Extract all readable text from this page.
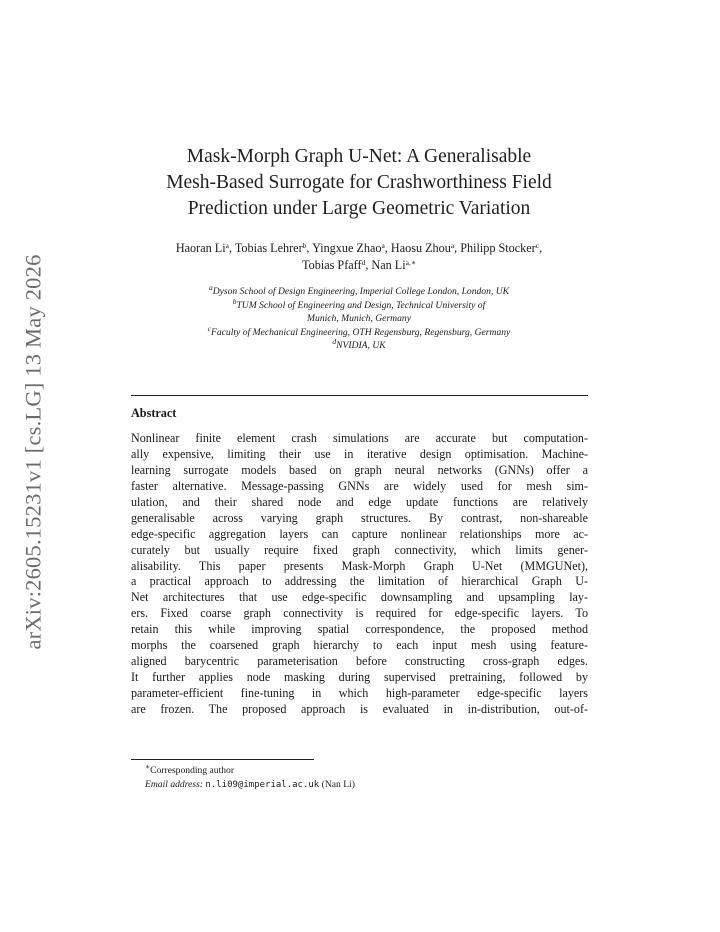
arXiv:2605.15231v1 [cs.LG] 13 May 2026
Mask-Morph Graph U-Net: A Generalisable
Mesh-Based Surrogate for Crashworthiness Field
Prediction under Large Geometric Variation
Haoran Li$^a$, Tobias Lehrer$^b$, Yingxue Zhao$^a$, Haosu Zhou$^a$, Philipp Stocker$^c$,
Tobias Pfaff$^d$, Nan $Li^{a,∗}$
$^a$Dyson School of Design Engineering, Imperial College London, London, UK
$^b$TUM School of Engineering and Design, Technical University of
Munich, Munich, Germany
$^c$Faculty of Mechanical Engineering, OTH Regensburg, Regensburg, Germany
$^d$NVIDIA, UK
Abstract
Nonlinear finite element crash simulations are accurate but computation-
ally expensive, limiting their use in iterative design optimisation. Machine-
learning surrogate models based on graph neural networks (GNNs) offer a
faster alternative. Message-passing GNNs are widely used for mesh sim-
ulation, and their shared node and edge update functions are relatively
generalisable across varying graph structures. By contrast, non-shareable
edge-specific aggregation layers can capture nonlinear relationships more ac-
curately but usually require fixed graph connectivity, which limits gener-
alisability. This paper presents Mask-Morph Graph U-Net (MMGUNet),
a practical approach to addressing the limitation of hierarchical Graph U-
Net architectures that use edge-specific downsampling and upsampling lay-
ers. Fixed coarse graph connectivity is required for edge-specific layers. To
retain this while improving spatial correspondence, the proposed method
morphs the coarsened graph hierarchy to each input mesh using feature-
aligned barycentric parameterisation before constructing cross-graph edges.
It further applies node masking during supervised pretraining, followed by
parameter-efficient fine-tuning in which high-parameter edge-specific layers
are frozen. The proposed approach is evaluated in in-distribution, out-of-
∗Corresponding author
Email address: n.li09@imperial.ac.uk (Nan Li)
